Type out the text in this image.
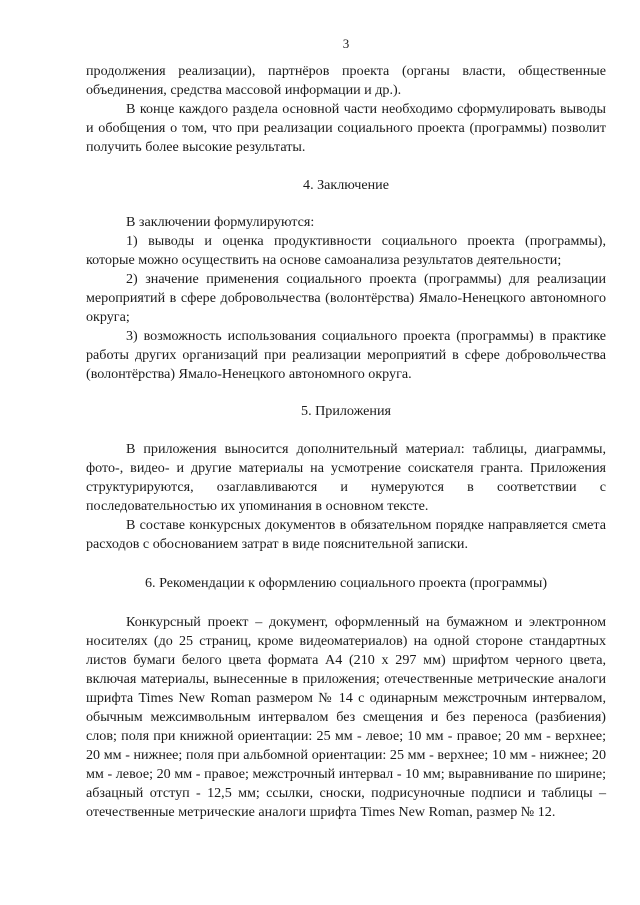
3

продолжения реализации), партнёров проекта (органы власти, общественные объединения, средства массовой информации и др.).

В конце каждого раздела основной части необходимо сформулировать выводы и обобщения о том, что при реализации социального проекта (программы) позволит получить более высокие результаты.

4. Заключение

В заключении формулируются:

1) выводы и оценка продуктивности социального проекта (программы), которые можно осуществить на основе самоанализа результатов деятельности;

2) значение применения социального проекта (программы) для реализации мероприятий в сфере добровольчества (волонтёрства) Ямало-Ненецкого автономного округа;

3) возможность использования социального проекта (программы) в практике работы других организаций при реализации мероприятий в сфере добровольчества (волонтёрства) Ямало-Ненецкого автономного округа.

5. Приложения

В приложения выносится дополнительный материал: таблицы, диаграммы, фото-, видео- и другие материалы на усмотрение соискателя гранта. Приложения структурируются, озаглавливаются и нумеруются в соответствии с последовательностью их упоминания в основном тексте.

В составе конкурсных документов в обязательном порядке направляется смета расходов с обоснованием затрат в виде пояснительной записки.

6. Рекомендации к оформлению социального проекта (программы)

Конкурсный проект – документ, оформленный на бумажном и электронном носителях (до 25 страниц, кроме видеоматериалов) на одной стороне стандартных листов бумаги белого цвета формата А4 (210 x 297 мм) шрифтом черного цвета, включая материалы, вынесенные в приложения; отечественные метрические аналоги шрифта Times New Roman размером № 14 с одинарным межстрочным интервалом, обычным межсимвольным интервалом без смещения и без переноса (разбиения) слов; поля при книжной ориентации: 25 мм - левое; 10 мм - правое; 20 мм - верхнее; 20 мм - нижнее; поля при альбомной ориентации: 25 мм - верхнее; 10 мм - нижнее; 20 мм - левое; 20 мм - правое; межстрочный интервал - 10 мм; выравнивание по ширине; абзацный отступ - 12,5 мм; ссылки, сноски, подрисуночные подписи и таблицы – отечественные метрические аналоги шрифта Times New Roman, размер № 12.
